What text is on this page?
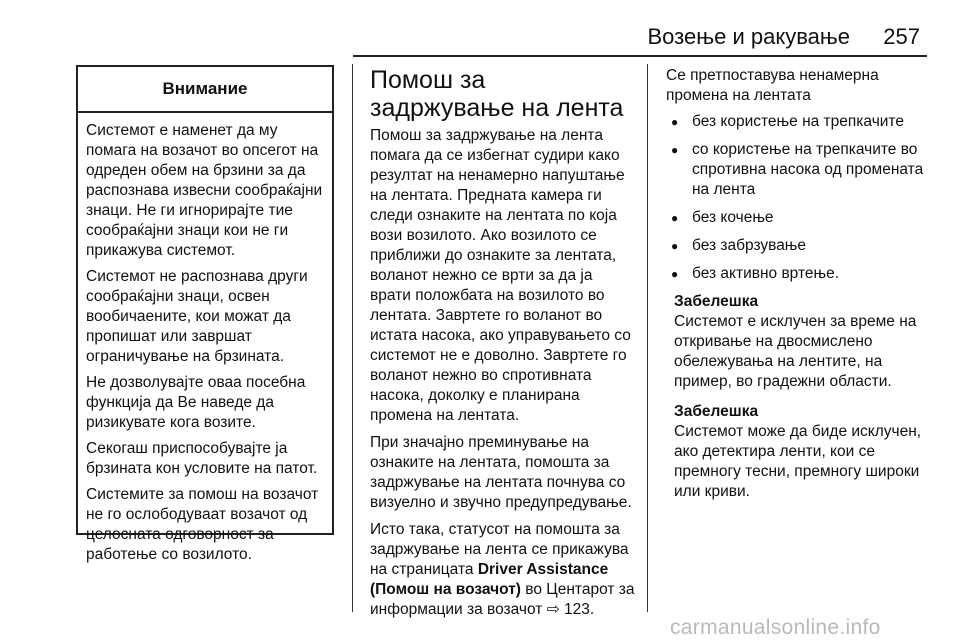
Возење и ракување 257
Внимание

Системот е наменет да му помага на возачот во опсегот на одреден обем на брзини за да распознава извесни сообраќајни знаци. Не ги игнорирајте тие сообраќајни знаци кои не ги прикажува системот.

Системот не распознава други сообраќајни знаци, освен вообичаените, кои можат да пропишат или завршат ограничување на брзината.

Не дозволувајте оваа посебна функција да Ве наведе да ризикувате кога возите.

Секогаш приспособувајте ја брзината кон условите на патот.

Системите за помош на возачот не го ослободуваат возачот од целосната одговорност за работење со возилото.

Помош за задржување на лента

Помош за задржување на лента помага да се избегнат судири како резултат на ненамерно напуштање на лентата. Предната камера ги следи ознаките на лентата по која вози возилото. Ако возилото се приближи до ознаките за лентата, воланот нежно се врти за да ја врати положбата на возилото во лентата. Завртете го воланот во истата насока, ако управувањето со системот не е доволно. Завртете го воланот нежно во спротивната насока, доколку е планирана промена на лентата.

При значајно преминување на ознаките на лентата, помошта за задржување на лентата почнува со визуелно и звучно предупредување.

Исто така, статусот на помошта за задржување на лента се прикажува на страницата Driver Assistance (Помош на возачот) во Центарот за информации за возачот ⇨ 123.

Се претпоставува ненамерна промена на лентата

● без користење на трепкачите
● со користење на трепкачите во спротивна насока од промената на лента
● без кочење
● без забрзување
● без активно вртење.
Забелешка

Системот е исклучен за време на откривање на двосмислено обележувања на лентите, на пример, во градежни области.

Забелешка

Системот може да биде исклучен, ако детектира ленти, кои се премногу тесни, премногу широки или криви.

carmanualsonline.info
